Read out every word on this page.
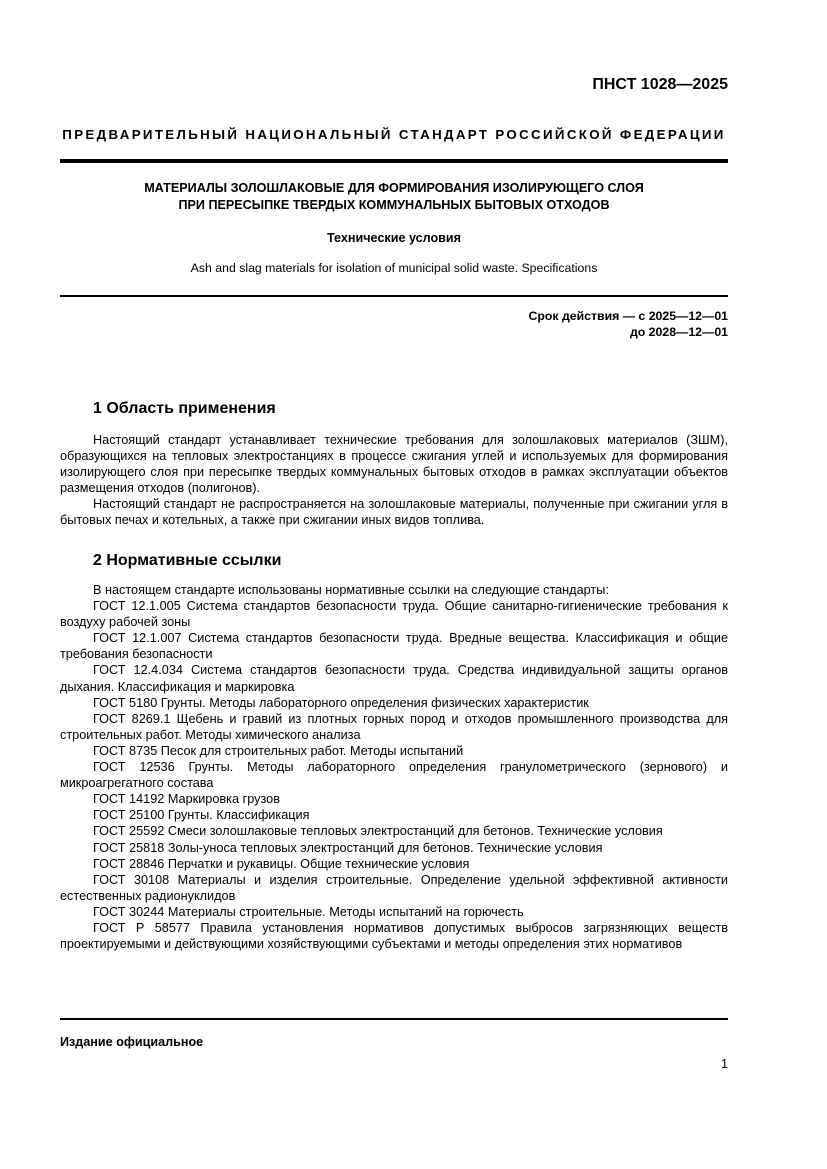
ПНСТ 1028—2025
ПРЕДВАРИТЕЛЬНЫЙ НАЦИОНАЛЬНЫЙ СТАНДАРТ РОССИЙСКОЙ ФЕДЕРАЦИИ
МАТЕРИАЛЫ ЗОЛОШЛАКОВЫЕ ДЛЯ ФОРМИРОВАНИЯ ИЗОЛИРУЮЩЕГО СЛОЯ
ПРИ ПЕРЕСЫПКЕ ТВЕРДЫХ КОММУНАЛЬНЫХ БЫТОВЫХ ОТХОДОВ
Технические условия
Ash and slag materials for isolation of municipal solid waste. Specifications
Срок действия — с 2025—12—01
до 2028—12—01
1 Область применения

Настоящий стандарт устанавливает технические требования для золошлаковых материалов (ЗШМ), образующихся на тепловых электростанциях в процессе сжигания углей и используемых для формирования изолирующего слоя при пересыпке твердых коммунальных бытовых отходов в рамках эксплуатации объектов размещения отходов (полигонов).

Настоящий стандарт не распространяется на золошлаковые материалы, полученные при сжигании угля в бытовых печах и котельных, а также при сжигании иных видов топлива.

2 Нормативные ссылки

В настоящем стандарте использованы нормативные ссылки на следующие стандарты:

ГОСТ 12.1.005 Система стандартов безопасности труда. Общие санитарно-гигиенические требования к воздуху рабочей зоны

ГОСТ 12.1.007 Система стандартов безопасности труда. Вредные вещества. Классификация и общие требования безопасности

ГОСТ 12.4.034 Система стандартов безопасности труда. Средства индивидуальной защиты органов дыхания. Классификация и маркировка

ГОСТ 5180 Грунты. Методы лабораторного определения физических характеристик

ГОСТ 8269.1 Щебень и гравий из плотных горных пород и отходов промышленного производства для строительных работ. Методы химического анализа

ГОСТ 8735 Песок для строительных работ. Методы испытаний

ГОСТ 12536 Грунты. Методы лабораторного определения гранулометрического (зернового) и микроагрегатного состава

ГОСТ 14192 Маркировка грузов

ГОСТ 25100 Грунты. Классификация

ГОСТ 25592 Смеси золошлаковые тепловых электростанций для бетонов. Технические условия

ГОСТ 25818 Золы-уноса тепловых электростанций для бетонов. Технические условия

ГОСТ 28846 Перчатки и рукавицы. Общие технические условия

ГОСТ 30108 Материалы и изделия строительные. Определение удельной эффективной активности естественных радионуклидов

ГОСТ 30244 Материалы строительные. Методы испытаний на горючесть

ГОСТ Р 58577 Правила установления нормативов допустимых выбросов загрязняющих веществ проектируемыми и действующими хозяйствующими субъектами и методы определения этих нормативов

Издание официальное
1
